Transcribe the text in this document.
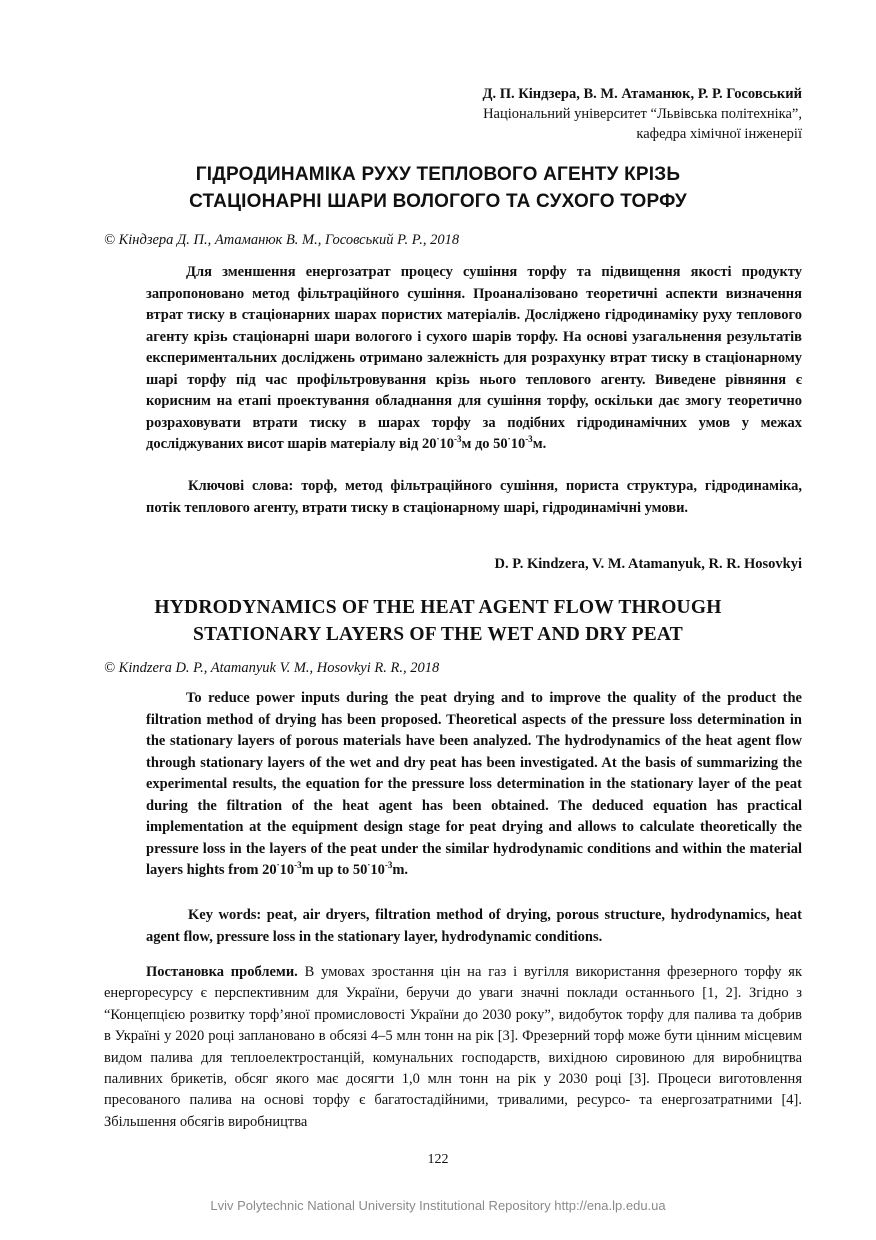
Д. П. Кіндзера, В. М. Атаманюк, Р. Р. Госовський
Національний університет “Львівська політехніка”,
кафедра хімічної інженерії
ГІДРОДИНАМІКА РУХУ ТЕПЛОВОГО АГЕНТУ КРІЗЬ
СТАЦІОНАРНІ ШАРИ ВОЛОГОГО ТА СУХОГО ТОРФУ
© Кіндзера Д. П., Атаманюк В. М., Госовський Р. Р., 2018

Для зменшення енергозатрат процесу сушіння торфу та підвищення якості продукту запропоновано метод фільтраційного сушіння. Проаналізовано теоретичні аспекти визначення втрат тиску в стаціонарних шарах пористих матеріалів. Досліджено гідродинаміку руху теплового агенту крізь стаціонарні шари вологого і сухого шарів торфу. На основі узагальнення результатів експериментальних досліджень отримано залежність для розрахунку втрат тиску в стаціонарному шарі торфу під час профільтровування крізь нього теплового агенту. Виведене рівняння є корисним на етапі проектування обладнання для сушіння торфу, оскільки дає змогу теоретично розраховувати втрати тиску в шарах торфу за подібних гідродинамічних умов у межах досліджуваних висот шарів матеріалу від $20^\cdot 10^{-3}м$ до $50^\cdot 10^{-3}м$.

Ключові слова: торф, метод фільтраційного сушіння, пориста структура, гідродинаміка, потік теплового агенту, втрати тиску в стаціонарному шарі, гідродинамічні умови.

D. P. Kindzera, V. M. Atamanyuk, R. R. Hosovkyi
HYDRODYNAMICS OF THE HEAT AGENT FLOW THROUGH
STATIONARY LAYERS OF THE WET AND DRY PEAT
© Kindzera D. P., Atamanyuk V. M., Hosovkyi R. R., 2018

To reduce power inputs during the peat drying and to improve the quality of the product the filtration method of drying has been proposed. Theoretical aspects of the pressure loss determination in the stationary layers of porous materials have been analyzed. The hydrodynamics of the heat agent flow through stationary layers of the wet and dry peat has been investigated. At the basis of summarizing the experimental results, the equation for the pressure loss determination in the stationary layer of the peat during the filtration of the heat agent has been obtained. The deduced equation has practical implementation at the equipment design stage for peat drying and allows to calculate theoretically the pressure loss in the layers of the peat under the similar hydrodynamic conditions and within the material layers hights from $20^\cdot 10^{-3}m$ up to $50^\cdot 10^{-3}m$.

Key words: peat, air dryers, filtration method of drying, porous structure, hydrodynamics, heat agent flow, pressure loss in the stationary layer, hydrodynamic conditions.

Постановка проблеми. В умовах зростання цін на газ і вугілля використання фрезерного торфу як енергоресурсу є перспективним для України, беручи до уваги значні поклади останнього [1, 2]. Згідно з “Концепцією розвитку торф’яної промисловості України до 2030 року”, видобуток торфу для палива та добрив в Україні у 2020 році заплановано в обсязі 4–5 млн тонн на рік [3]. Фрезерний торф може бути цінним місцевим видом палива для теплоелектростанцій, комунальних господарств, вихідною сировиною для виробництва паливних брикетів, обсяг якого має досягти 1,0 млн тонн на рік у 2030 році [3]. Процеси виготовлення пресованого палива на основі торфу є багатостадійними, тривалими, ресурсо- та енергозатратними [4]. Збільшення обсягів виробництва

122
Lviv Polytechnic National University Institutional Repository http://ena.lp.edu.ua
